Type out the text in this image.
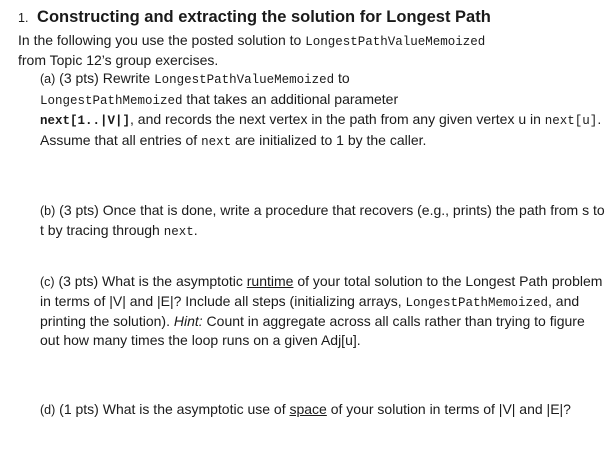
1. Constructing and extracting the solution for Longest Path
In the following you use the posted solution to LongestPathValueMemoized
from Topic 12’s group exercises.
(a) (3 pts) Rewrite LongestPathValueMemoized to
LongestPathMemoized that takes an additional parameter
next[1..|V|], and records the next vertex in the path from any given vertex u in next[u]. Assume that all entries of next are initialized to 1 by the caller.
(b) (3 pts) Once that is done, write a procedure that recovers (e.g., prints) the path from s to t by tracing through next.
(c) (3 pts) What is the asymptotic runtime of your total solution to the Longest Path problem in terms of |V| and |E|? Include all steps (initializing arrays, LongestPathMemoized, and printing the solution). Hint: Count in aggregate across all calls rather than trying to figure out how many times the loop runs on a given Adj[u].
(d) (1 pts) What is the asymptotic use of space of your solution in terms of |V| and |E|?
